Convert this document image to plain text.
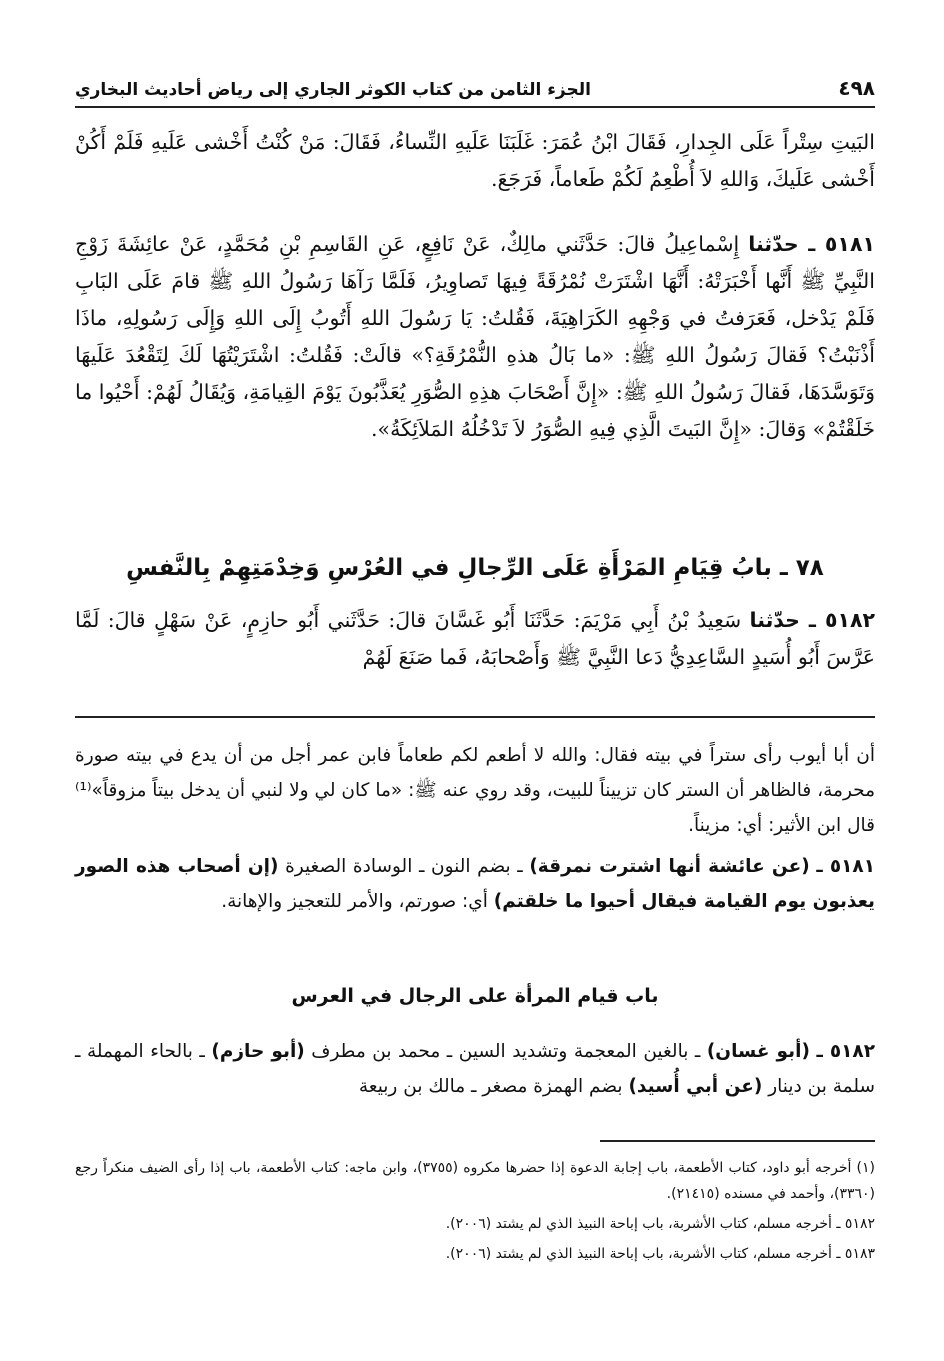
٤٩٨
الجزء الثامن من كتاب الكوثر الجاري إلى رياض أحاديث البخاري

البَيتِ سِتْراً عَلَى الجِدارِ، فَقَالَ ابْنُ عُمَرَ: غَلَبَنَا عَلَيهِ النِّساءُ، فَقَالَ: مَنْ كُنْتُ أَخْشى عَلَيهِ فَلَمْ أَكُنْ أَخْشى عَلَيكَ، وَاللهِ لاَ أُطْعِمُ لَكُمْ طَعاماً، فَرَجَعَ.

٥١٨١ ـ حدّثنا إِسْماعِيلُ قالَ: حَدَّثَني مالِكٌ، عَنْ نَافِعٍ، عَنِ القَاسِمِ بْنِ مُحَمَّدٍ، عَنْ عائِشَةَ زَوْجِ النَّبِيِّ ﷺ أَنَّها أَخْبَرَتْهُ: أَنَّهَا اشْتَرَتْ نُمْرُقَةً فِيهَا تَصاوِيرُ، فَلَمَّا رَآهَا رَسُولُ اللهِ ﷺ قامَ عَلَى البَابِ فَلَمْ يَدْخل، فَعَرَفتُ في وَجْهِهِ الكَرَاهِيَةَ، فَقُلتُ: يَا رَسُولَ اللهِ أَتُوبُ إِلَى اللهِ وَإِلَى رَسُولِهِ، ماذَا أَذْنَبْتُ؟ فَقالَ رَسُولُ اللهِ ﷺ: «ما بَالُ هذهِ النُّمْرُقَةِ؟» قالَتْ: فَقُلتُ: اشْتَرَيْتُهَا لَكَ لِتَقْعُدَ عَلَيهَا وَتَوَسَّدَهَا، فَقالَ رَسُولُ اللهِ ﷺ: «إِنَّ أَصْحَابَ هذِهِ الصُّوَرِ يُعَذَّبُونَ يَوْمَ القِيامَةِ، وَيُقَالُ لَهُمْ: أَحْيُوا ما خَلَقْتُمْ» وَقالَ: «إِنَّ البَيتَ الَّذِي فِيهِ الصُّوَرُ لاَ تَدْخُلُهُ المَلاَئِكَةُ».

٧٨ ـ بابُ قِيَامِ المَرْأَةِ عَلَى الرِّجالِ في العُرْسِ وَخِدْمَتِهِمْ بِالنَّفسِ

٥١٨٢ ـ حدّثنا سَعِيدُ بْنُ أَبِي مَرْيَمَ: حَدَّثَنَا أَبُو غَسَّانَ قالَ: حَدَّثَني أَبُو حازِمٍ، عَنْ سَهْلٍ قالَ: لَمَّا عَرَّسَ أَبُو أُسَيدٍ السَّاعِدِيُّ دَعا النَّبِيَّ ﷺ وَأَصْحابَهُ، فَما صَنَعَ لَهُمْ

أن أبا أيوب رأى ستراً في بيته فقال: والله لا أطعم لكم طعاماً فابن عمر أجل من أن يدع في بيته صورة محرمة، فالظاهر أن الستر كان تزييناً للبيت، وقد روي عنه ﷺ: «ما كان لي ولا لنبي أن يدخل بيتاً مزوقاً»⁽¹⁾ قال ابن الأثير: أي: مزيناً.

٥١٨١ ـ (عن عائشة أنها اشترت نمرقة) ـ بضم النون ـ الوسادة الصغيرة (إن أصحاب هذه الصور يعذبون يوم القيامة فيقال أحيوا ما خلقتم) أي: صورتم، والأمر للتعجيز والإهانة.

باب قيام المرأة على الرجال في العرس

٥١٨٢ ـ (أبو غسان) ـ بالغين المعجمة وتشديد السين ـ محمد بن مطرف (أبو حازم) ـ بالحاء المهملة ـ سلمة بن دينار (عن أبي أُسيد) بضم الهمزة مصغر ـ مالك بن ربيعة

(١) أخرجه أبو داود، كتاب الأطعمة، باب إجابة الدعوة إذا حضرها مكروه (٣٧٥٥)، وابن ماجه: كتاب الأطعمة، باب إذا رأى الضيف منكراً رجع (٣٣٦٠)، وأحمد في مسنده (٢١٤١٥).

٥١٨٢ ـ أخرجه مسلم، كتاب الأشربة، باب إباحة النبيذ الذي لم يشتد (٢٠٠٦).

٥١٨٣ ـ أخرجه مسلم، كتاب الأشربة، باب إباحة النبيذ الذي لم يشتد (٢٠٠٦).
